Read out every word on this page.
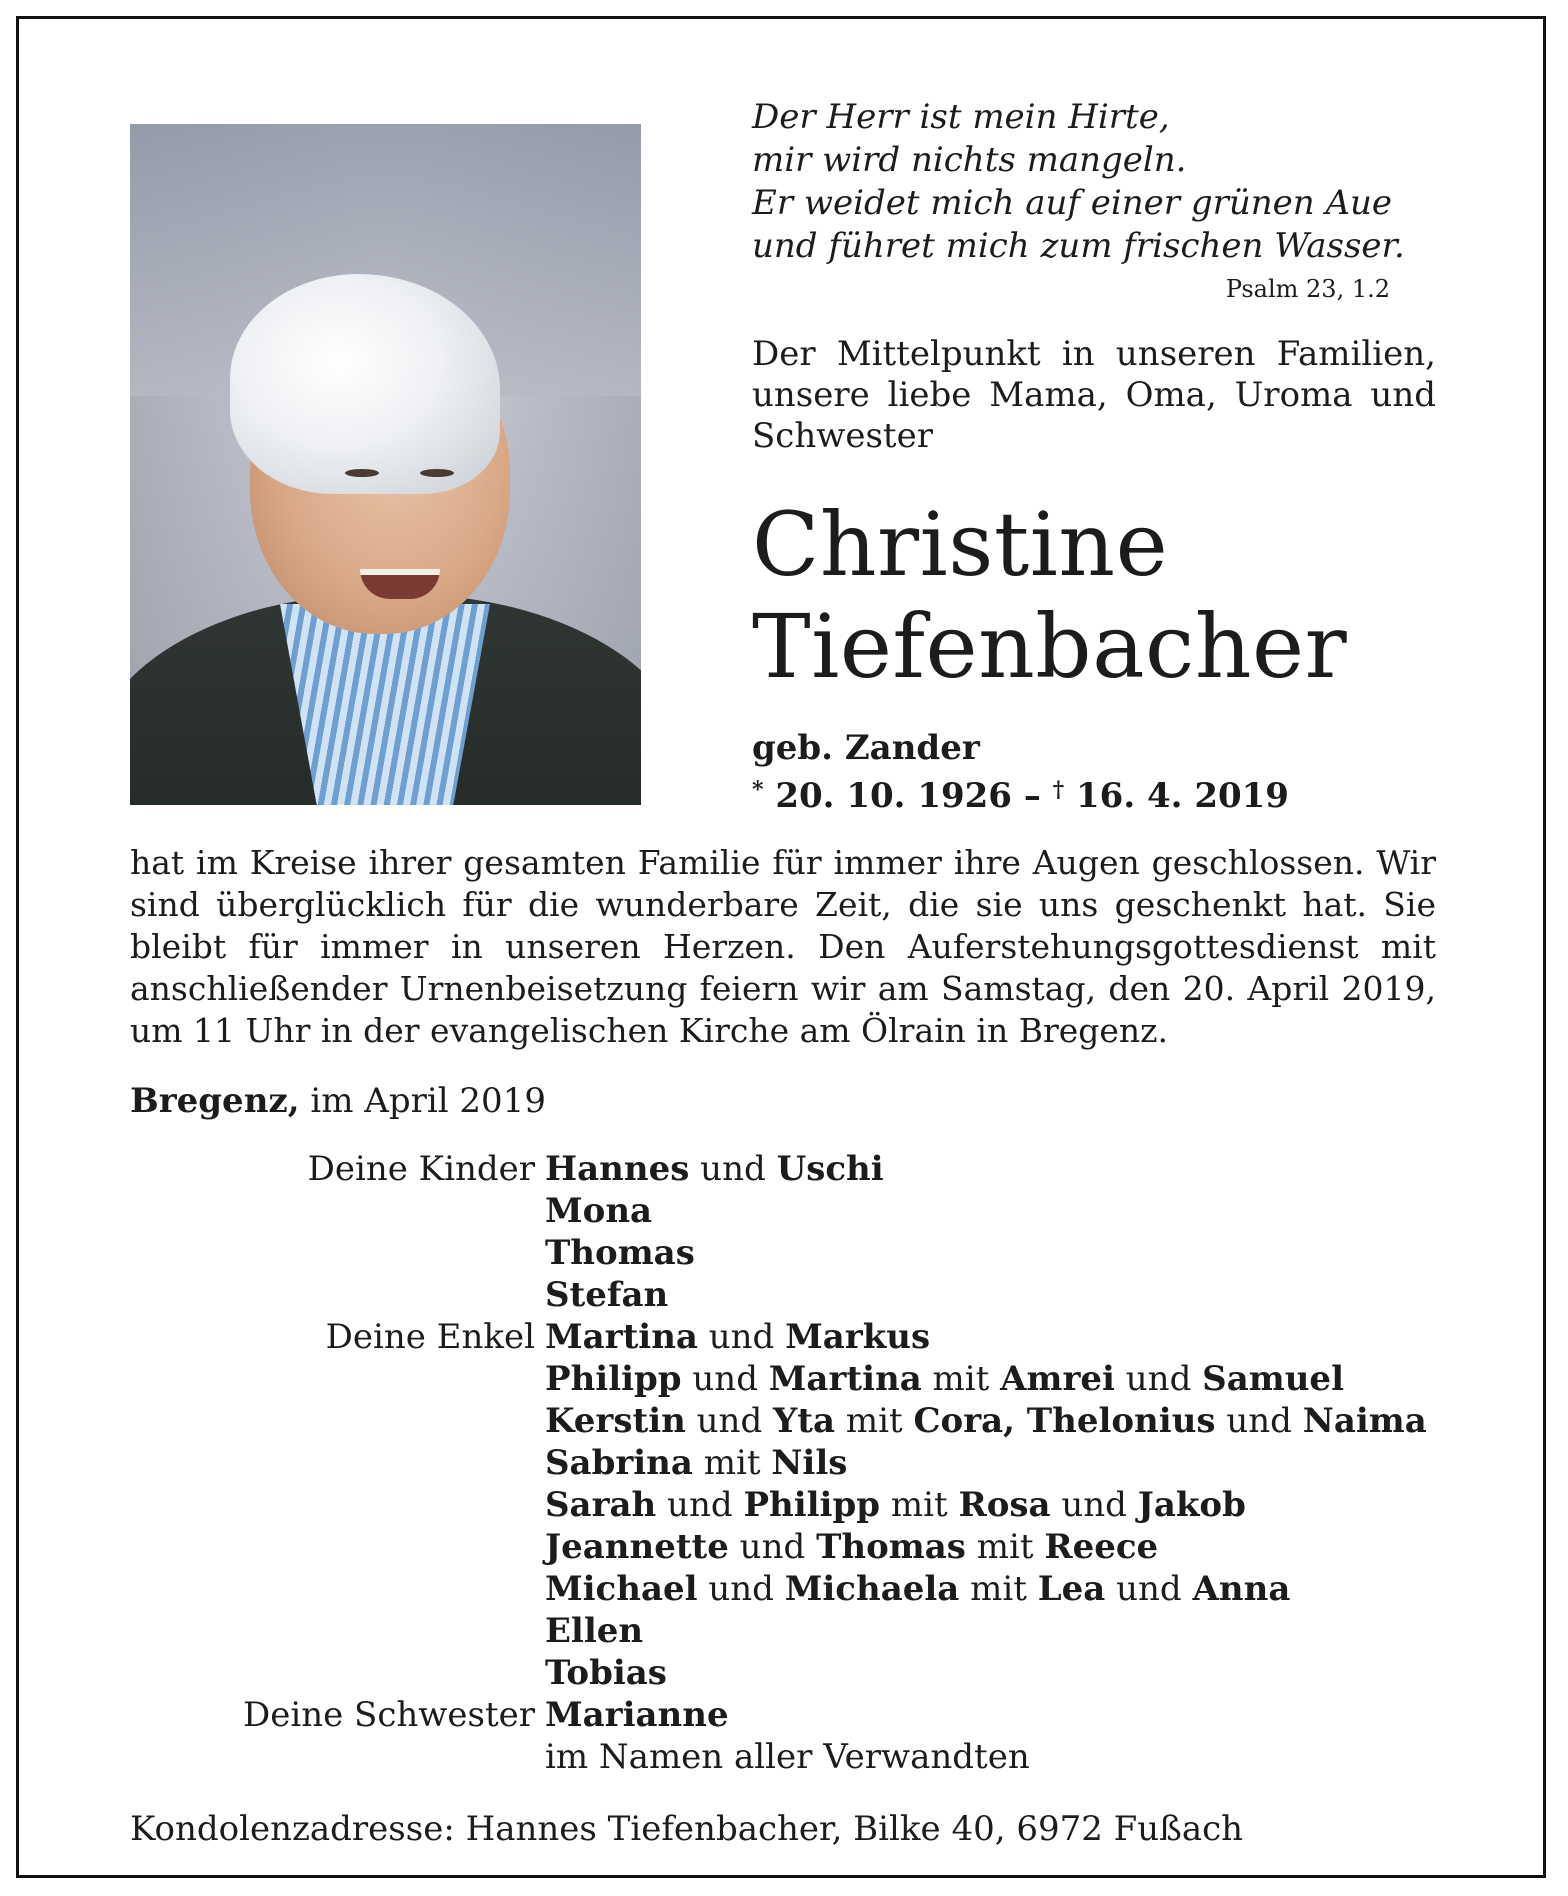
Der Herr ist mein Hirte,
mir wird nichts mangeln.
Er weidet mich auf einer grünen Aue
und führet mich zum frischen Wasser.
Psalm 23, 1.2
Der Mittelpunkt in unseren Familien, unsere liebe Mama, Oma, Uroma und Schwester
Christine
Tiefenbacher
geb. Zander
* 20. 10. 1926 – † 16. 4. 2019
hat im Kreise ihrer gesamten Familie für immer ihre Augen geschlossen. Wir sind überglücklich für die wunderbare Zeit, die sie uns geschenkt hat. Sie bleibt für immer in unseren Herzen. Den Auferstehungsgottesdienst mit anschließender Urnenbeisetzung feiern wir am Samstag, den 20. April 2019, um 11 Uhr in der evangelischen Kirche am Ölrain in Bregenz.
Bregenz, im April 2019
Deine Kinder Hannes und Uschi
Mona
Thomas
Stefan
Deine Enkel Martina und Markus
Philipp und Martina mit Amrei und Samuel
Kerstin und Yta mit Cora, Thelonius und Naima
Sabrina mit Nils
Sarah und Philipp mit Rosa und Jakob
Jeannette und Thomas mit Reece
Michael und Michaela mit Lea und Anna
Ellen
Tobias
Deine Schwester Marianne
im Namen aller Verwandten
Kondolenzadresse: Hannes Tiefenbacher, Bilke 40, 6972 Fußach
